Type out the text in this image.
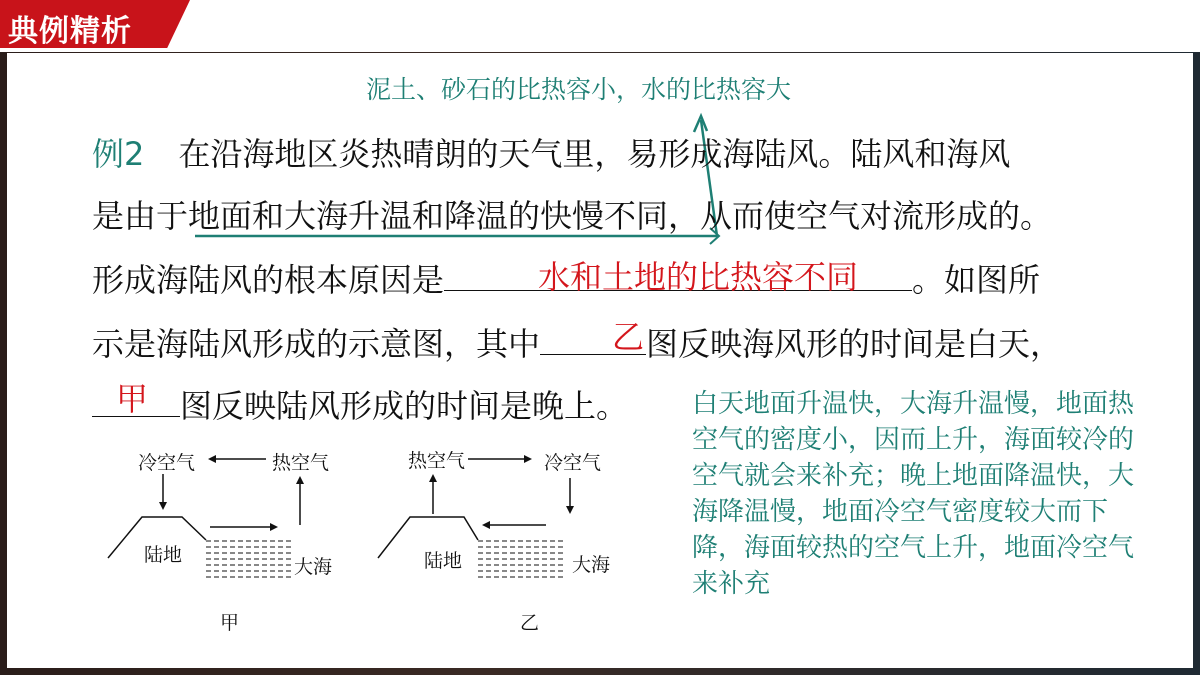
典例精析
泥土、砂石的比热容小，水的比热容大
例2 在沿海地区炎热晴朗的天气里，易形成海陆风。陆风和海风
是由于地面和大海升温和降温的快慢不同，从而使空气对流形成的。
形成海陆风的根本原因是	。如图所
水和土地的比热容不同
示是海陆风形成的示意图，其中	图反映海风形的时间是白天，
乙
图反映陆风形成的时间是晚上。
甲	白天地面升温快，大海升温慢，地面热空气的密度小，因而上升，海面较冷的空气就会来补充；晚上地面降温快，大海降温慢，地面冷空气密度较大而下降，海面较热的空气上升，地面冷空气来补充
冷空气	热空气
陆地
大海
甲
热空气	冷空气
陆地	大海
乙
